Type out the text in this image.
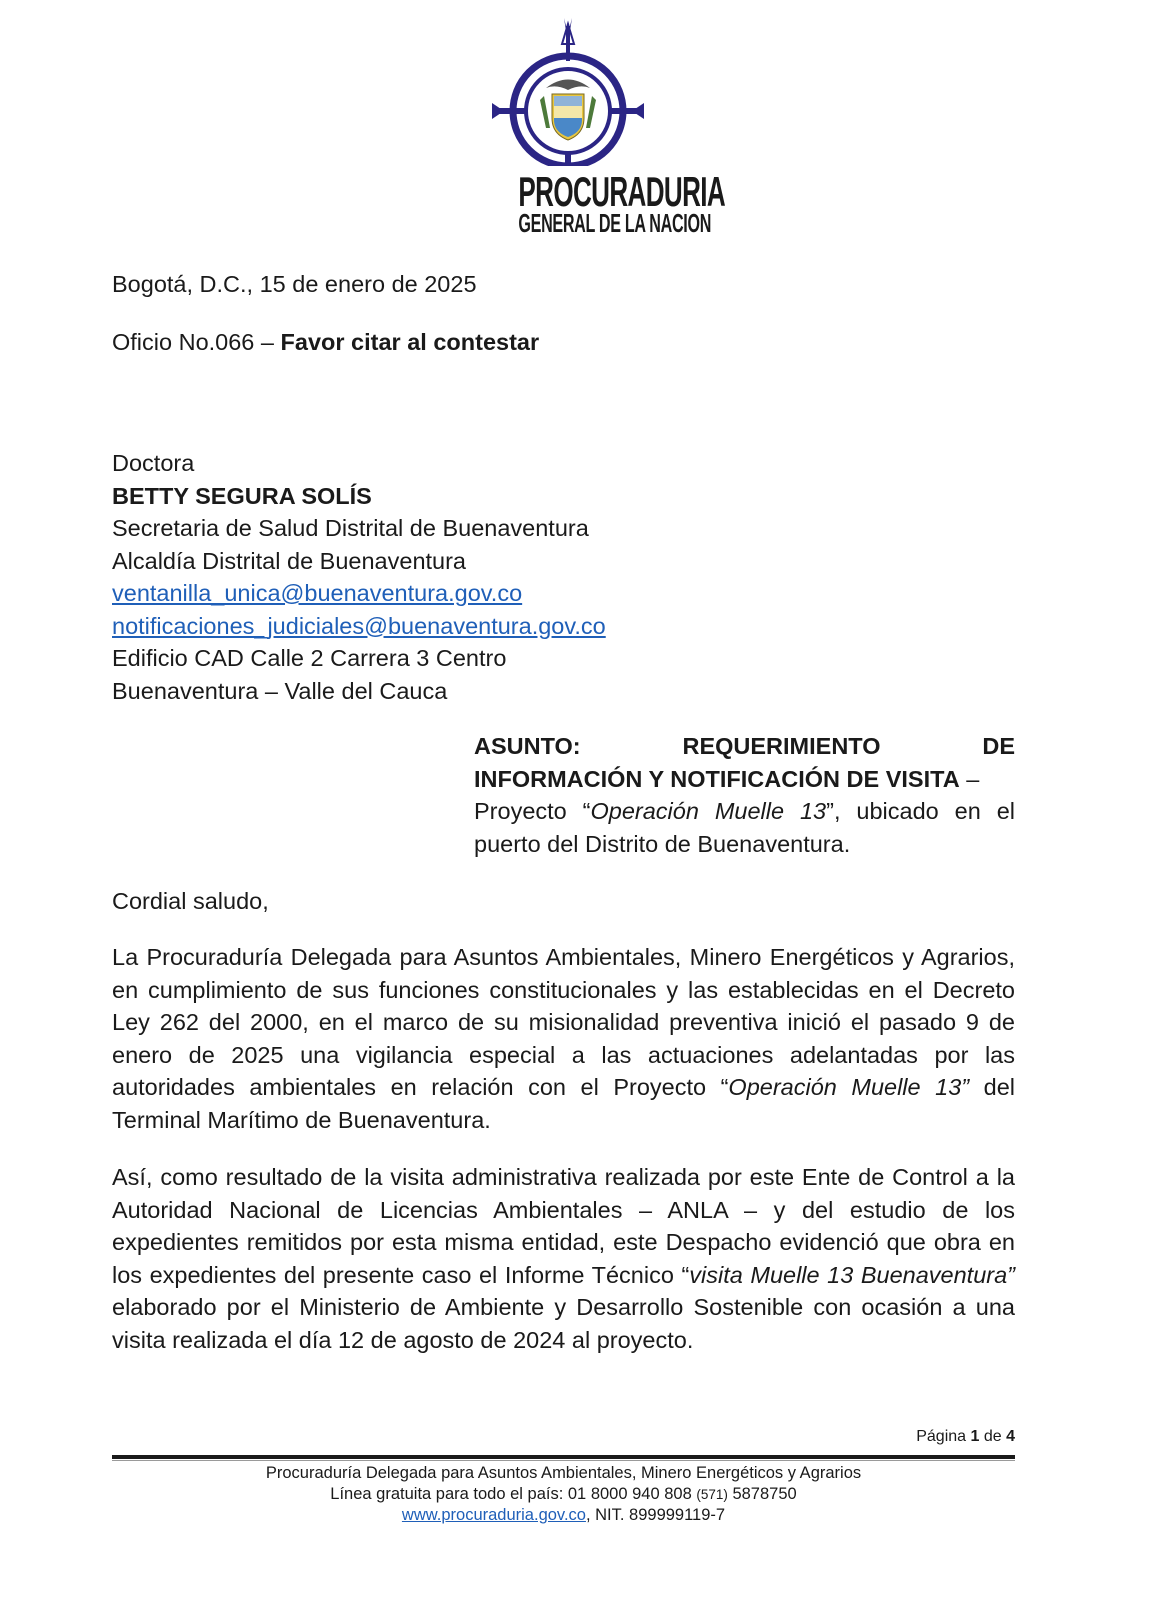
PROCURADURIA
GENERAL DE LA NACION
Bogotá, D.C., 15 de enero de 2025
Oficio No.066 – Favor citar al contestar
Doctora
BETTY SEGURA SOLÍS
Secretaria de Salud Distrital de Buenaventura
Alcaldía Distrital de Buenaventura
ventanilla_unica@buenaventura.gov.co
notificaciones_judiciales@buenaventura.gov.co
Edificio CAD Calle 2 Carrera 3 Centro
Buenaventura – Valle del Cauca
ASUNTO:	REQUERIMIENTO	DE
INFORMACIÓN Y NOTIFICACIÓN DE VISITA –
Proyecto “Operación Muelle 13”, ubicado en el puerto del Distrito de Buenaventura.
Cordial saludo,
La Procuraduría Delegada para Asuntos Ambientales, Minero Energéticos y Agrarios, en cumplimiento de sus funciones constitucionales y las establecidas en el Decreto Ley 262 del 2000, en el marco de su misionalidad preventiva inició el pasado 9 de enero de 2025 una vigilancia especial a las actuaciones adelantadas por las autoridades ambientales en relación con el Proyecto “Operación Muelle 13” del Terminal Marítimo de Buenaventura.
Así, como resultado de la visita administrativa realizada por este Ente de Control a la Autoridad Nacional de Licencias Ambientales – ANLA – y del estudio de los expedientes remitidos por esta misma entidad, este Despacho evidenció que obra en los expedientes del presente caso el Informe Técnico “visita Muelle 13 Buenaventura” elaborado por el Ministerio de Ambiente y Desarrollo Sostenible con ocasión a una visita realizada el día 12 de agosto de 2024 al proyecto.
Página 1 de 4
Procuraduría Delegada para Asuntos Ambientales, Minero Energéticos y Agrarios
Línea gratuita para todo el país: 01 8000 940 808 (571) 5878750
www.procuraduria.gov.co, NIT. 899999119-7
